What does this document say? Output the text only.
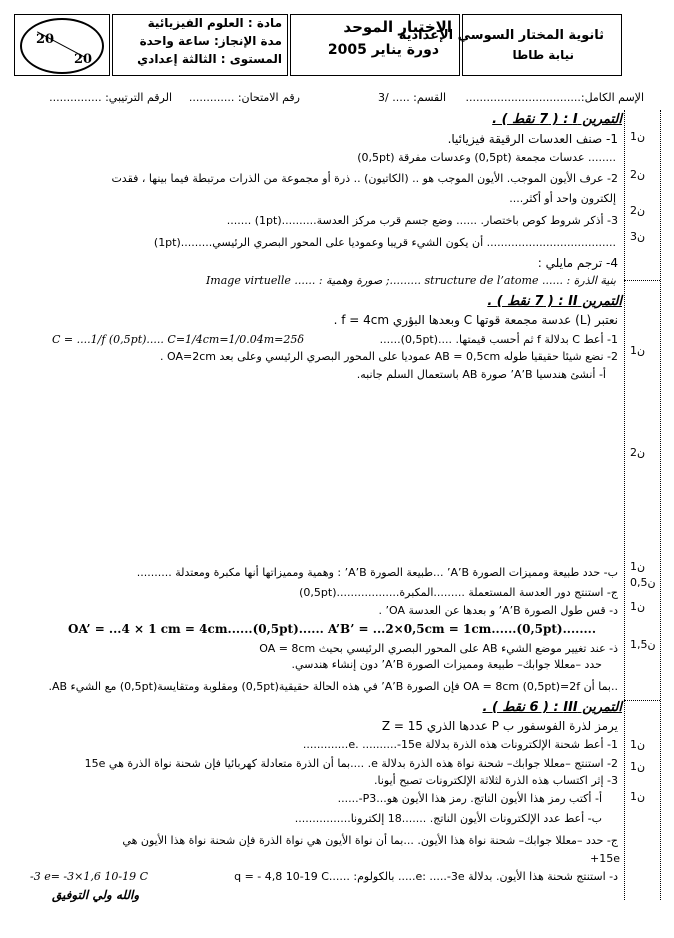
ثانوية المختار السوسي الإعدادية
نيابة طاطا
الاختبار الموحد
دورة يناير 2005
مادة : العلوم الفيزيائية
مدة الإنجاز: ساعة واحدة
المستوى : الثالثة إعدادي
20
20
الإسم الكامل:.................................
القسم: ..... /3
رقم الامتحان: .............
الرقم الترتيبي: ...............
1ن
2ن
2ن
3ن
1ن
2ن
1ن
0,5ن
1ن
1,5ن
1ن
1ن
1ن
التمرين I : ( 7 نقط ) .
1- صنف العدسات الرقيقة فيزيائيا.
........ عدسات مجمعة (0,5pt) وعدسات مفرقة (0,5pt)
2- عرف الأيون الموجب. الأيون الموجب هو .. (الكاتيون) .. ذرة أو مجموعة من الذرات مرتبطة فيما بينها ، فقدت
إلكترون واحد أو أكثر....
3- أذكر شروط كوص باختصار. ...... وضع جسم قرب مركز العدسة..........(1pt) .......
..................................... أن يكون الشيء قريبا وعموديا على المحور البصري الرئيسي.........(1pt)
4- ترجم مايلي :
بنية الذرة : ...... structure de l’atome .........; صورة وهمية : ...... Image virtuelle
التمرين II : ( 7 نقط ) .
نعتبر (L) عدسة مجمعة قوتها C وبعدها البؤري f = 4cm .
1- أعط C بدلالة f ثم أحسب قيمتها. ....(0,5pt)......
C = ....1/f (0,5pt)..... C=1/4cm=1/0.04m=25δ
2- نضع شيئا حقيقيا طوله AB = 0,5cm عموديا على المحور البصري الرئيسي وعلى بعد OA=2cm .
أ- أنشئ هندسيا A’B’ صورة AB باستعمال السلم جانبه.
ب- حدد طبيعة ومميزات الصورة A’B’ ...طبيعة الصورة A’B’ : وهمية ومميزاتها أنها مكبرة ومعتدلة ..........
ج- استنتج دور العدسة المستعملة .........المكبرة..................(0,5pt)
د- قس طول الصورة A’B’ و بعدها عن العدسة OA’ .
OA’ = ...4 × 1 cm = 4cm......(0,5pt)...... A’B’ = ...2×0,5cm = 1cm......(0,5pt)........
ذ- عند تغيير موضع الشيء AB على المحور البصري الرئيسي بحيث OA = 8cm
حدد –معللا جوابك– طبيعة ومميزات الصورة A’B’ دون إنشاء هندسي.
..بما أن OA = 8cm (0,5pt)=2f فإن الصورة A’B’ في هذه الحالة حقيقية(0,5pt) ومقلوبة ومتقايسة(0,5pt) مع الشيء AB.
التمرين III : ( 6 نقط ) .
يرمز لذرة الفوسفور ب P عددها الذري Z = 15
1- أعط شحنة الإلكترونات هذه الذرة بدلالة e. ..........-15e.............
2- استنتج –معللا جوابك– شحنة نواة هذه الذرة بدلالة e. ....بما أن الذرة متعادلة كهربائيا فإن شحنة نواة الذرة هي 15e
3- إثر اكتساب هذه الذرة لثلاثة الإلكترونات تصبح أيونا.
أ- أكتب رمز هذا الأيون الناتج. رمز هذا الأيون هو...P3-......
ب- أعط عدد الإلكترونات الأيون الناتج. .......18 إلكترونا................
ج- حدد –معللا جوابك– شحنة نواة هذا الأيون. ...بما أن نواة الأيون هي نواة الذرة فإن شحنة نواة هذا الأيون هي
+15e
د- استنتج شحنة هذا الأيون. بدلالة e: .....-3e..... بالكولوم: ......q = - 4,8 10-19 C
-3 e= -3×1,6 10-19 C
والله ولي التوفيق
